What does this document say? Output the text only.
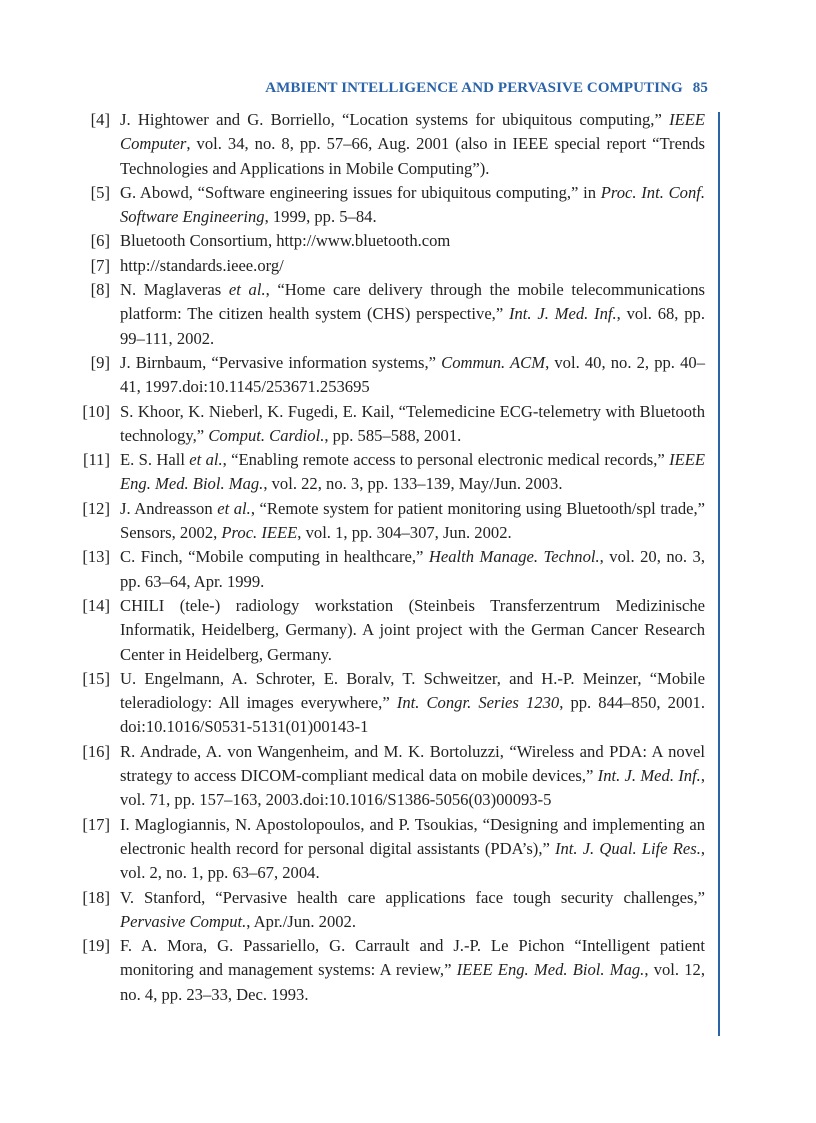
AMBIENT INTELLIGENCE AND PERVASIVE COMPUTING 85
[4] J. Hightower and G. Borriello, “Location systems for ubiquitous computing,” IEEE Computer, vol. 34, no. 8, pp. 57–66, Aug. 2001 (also in IEEE special report “Trends Technologies and Applications in Mobile Computing”).
[5] G. Abowd, “Software engineering issues for ubiquitous computing,” in Proc. Int. Conf. Software Engineering, 1999, pp. 5–84.
[6] Bluetooth Consortium, http://www.bluetooth.com
[7] http://standards.ieee.org/
[8] N. Maglaveras et al., “Home care delivery through the mobile telecommunications platform: The citizen health system (CHS) perspective,” Int. J. Med. Inf., vol. 68, pp. 99–111, 2002.
[9] J. Birnbaum, “Pervasive information systems,” Commun. ACM, vol. 40, no. 2, pp. 40–41, 1997.doi:10.1145/253671.253695
[10] S. Khoor, K. Nieberl, K. Fugedi, E. Kail, “Telemedicine ECG-telemetry with Bluetooth technology,” Comput. Cardiol., pp. 585–588, 2001.
[11] E. S. Hall et al., “Enabling remote access to personal electronic medical records,” IEEE Eng. Med. Biol. Mag., vol. 22, no. 3, pp. 133–139, May/Jun. 2003.
[12] J. Andreasson et al., “Remote system for patient monitoring using Bluetooth/spl trade,” Sensors, 2002, Proc. IEEE, vol. 1, pp. 304–307, Jun. 2002.
[13] C. Finch, “Mobile computing in healthcare,” Health Manage. Technol., vol. 20, no. 3, pp. 63–64, Apr. 1999.
[14] CHILI (tele-) radiology workstation (Steinbeis Transferzentrum Medizinische Informatik, Heidelberg, Germany). A joint project with the German Cancer Research Center in Heidelberg, Germany.
[15] U. Engelmann, A. Schroter, E. Boralv, T. Schweitzer, and H.-P. Meinzer, “Mobile teleradiology: All images everywhere,” Int. Congr. Series 1230, pp. 844–850, 2001. doi:10.1016/S0531-5131(01)00143-1
[16] R. Andrade, A. von Wangenheim, and M. K. Bortoluzzi, “Wireless and PDA: A novel strategy to access DICOM-compliant medical data on mobile devices,” Int. J. Med. Inf., vol. 71, pp. 157–163, 2003.doi:10.1016/S1386-5056(03)00093-5
[17] I. Maglogiannis, N. Apostolopoulos, and P. Tsoukias, “Designing and implementing an electronic health record for personal digital assistants (PDA’s),” Int. J. Qual. Life Res., vol. 2, no. 1, pp. 63–67, 2004.
[18] V. Stanford, “Pervasive health care applications face tough security challenges,” Pervasive Comput., Apr./Jun. 2002.
[19] F. A. Mora, G. Passariello, G. Carrault and J.-P. Le Pichon “Intelligent patient monitoring and management systems: A review,” IEEE Eng. Med. Biol. Mag., vol. 12, no. 4, pp. 23–33, Dec. 1993.
